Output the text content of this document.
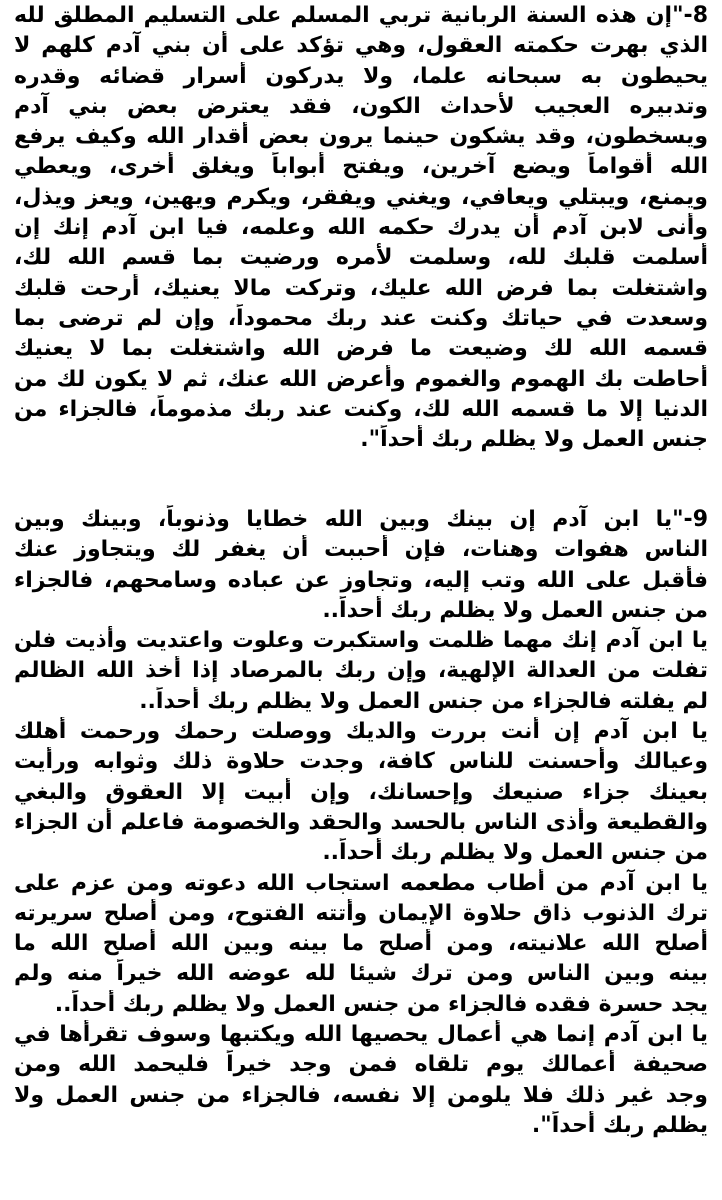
8-"إن هذه السنة الربانية تربي المسلم على التسليم المطلق لله
الذي بهرت حكمته العقول، وهي تؤكد على أن بني آدم كلهم لا
يحيطون به سبحانه علما، ولا يدركون أسرار قضائه وقدره
وتدبيره العجيب لأحداث الكون، فقد يعترض بعض بني آدم
ويسخطون، وقد يشكون حينما يرون بعض أقدار الله وكيف يرفع
الله أقواماً ويضع آخرين، ويفتح أبواباً ويغلق أخرى، ويعطي
ويمنع، ويبتلي ويعافي، ويغني ويفقر، ويكرم ويهين، ويعز ويذل،
وأنى لابن آدم أن يدرك حكمه الله وعلمه، فيا ابن آدم إنك إن
أسلمت قلبك لله، وسلمت لأمره ورضيت بما قسم الله لك،
واشتغلت بما فرض الله عليك، وتركت مالا يعنيك، أرحت قلبك
وسعدت في حياتك وكنت عند ربك محموداً، وإن لم ترضى بما
قسمه الله لك وضيعت ما فرض الله واشتغلت بما لا يعنيك
أحاطت بك الهموم والغموم وأعرض الله عنك، ثم لا يكون لك من
الدنيا إلا ما قسمه الله لك، وكنت عند ربك مذموماً، فالجزاء من
جنس العمل ولا يظلم ربك أحداً".
9-"يا ابن آدم إن بينك وبين الله خطايا وذنوباً، وبينك وبين
الناس هفوات وهنات، فإن أحببت أن يغفر لك ويتجاوز عنك
فأقبل على الله وتب إليه، وتجاوز عن عباده وسامحهم، فالجزاء
من جنس العمل ولا يظلم ربك أحداً..
يا ابن آدم إنك مهما ظلمت واستكبرت وعلوت واعتديت وأذيت فلن
تفلت من العدالة الإلهية، وإن ربك بالمرصاد إذا أخذ الله الظالم
لم يفلته فالجزاء من جنس العمل ولا يظلم ربك أحداً..
يا ابن آدم إن أنت بررت والديك ووصلت رحمك ورحمت أهلك
وعيالك وأحسنت للناس كافة، وجدت حلاوة ذلك وثوابه ورأيت
بعينك جزاء صنيعك وإحسانك، وإن أبيت إلا العقوق والبغي
والقطيعة وأذى الناس بالحسد والحقد والخصومة فاعلم أن الجزاء
من جنس العمل ولا يظلم ربك أحداً..
يا ابن آدم من أطاب مطعمه استجاب الله دعوته ومن عزم على
ترك الذنوب ذاق حلاوة الإيمان وأتته الفتوح، ومن أصلح سريرته
أصلح الله علانيته، ومن أصلح ما بينه وبين الله أصلح الله ما
بينه وبين الناس ومن ترك شيئا لله عوضه الله خيراً منه ولم
يجد حسرة فقده فالجزاء من جنس العمل ولا يظلم ربك أحداً..
يا ابن آدم إنما هي أعمال يحصيها الله ويكتبها وسوف تقرأها في
صحيفة أعمالك يوم تلقاه فمن وجد خيراً فليحمد الله ومن
وجد غير ذلك فلا يلومن إلا نفسه، فالجزاء من جنس العمل ولا
يظلم ربك أحداً".
